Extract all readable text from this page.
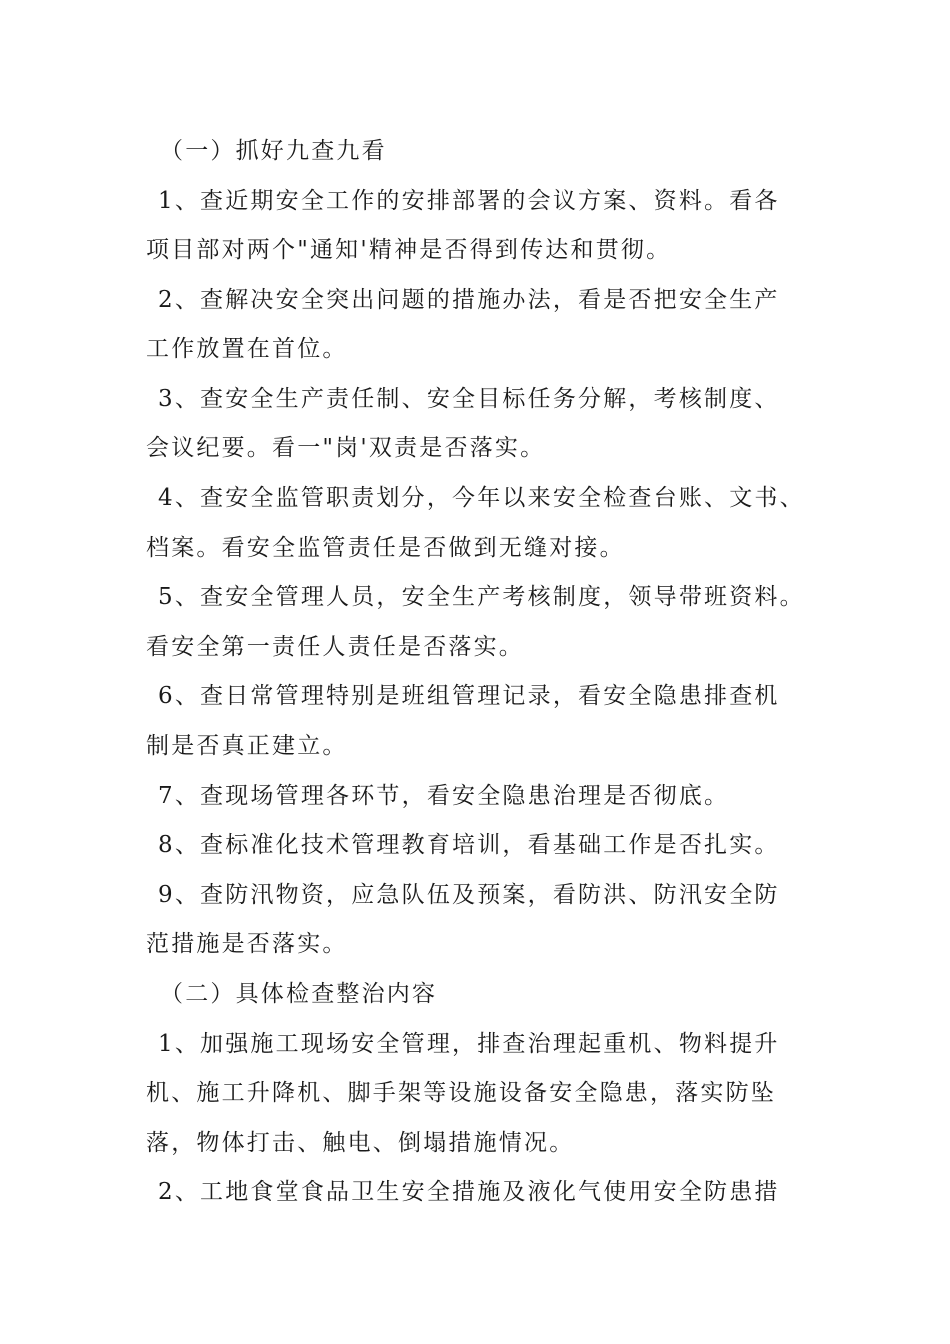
（一）抓好九查九看
1、查近期安全工作的安排部署的会议方案、资料。看各
项目部对两个"通知'精神是否得到传达和贯彻。
2、查解决安全突出问题的措施办法，看是否把安全生产
工作放置在首位。
3、查安全生产责任制、安全目标任务分解，考核制度、
会议纪要。看一"岗'双责是否落实。
4、查安全监管职责划分，今年以来安全检查台账、文书、
档案。看安全监管责任是否做到无缝对接。
5、查安全管理人员，安全生产考核制度，领导带班资料。
看安全第一责任人责任是否落实。
6、查日常管理特别是班组管理记录，看安全隐患排查机
制是否真正建立。
7、查现场管理各环节，看安全隐患治理是否彻底。
8、查标准化技术管理教育培训，看基础工作是否扎实。
9、查防汛物资，应急队伍及预案，看防洪、防汛安全防
范措施是否落实。
（二）具体检查整治内容
1、加强施工现场安全管理，排查治理起重机、物料提升
机、施工升降机、脚手架等设施设备安全隐患，落实防坠
落，物体打击、触电、倒塌措施情况。
2、工地食堂食品卫生安全措施及液化气使用安全防患措
